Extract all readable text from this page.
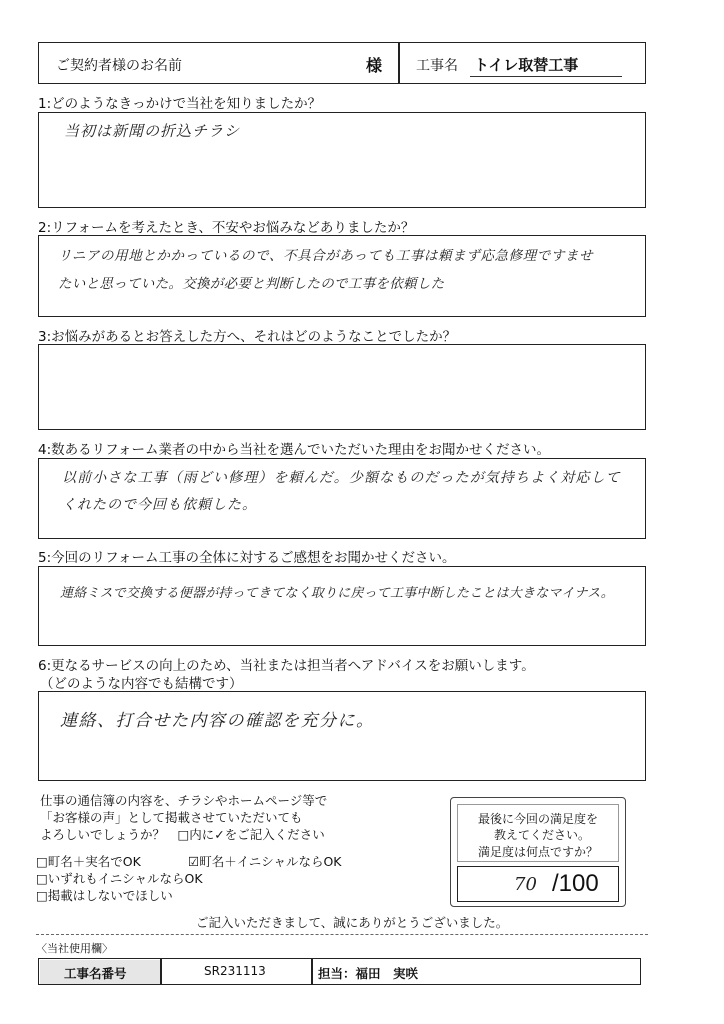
ご契約者様のお名前	様 工事名 トイレ取替工事
1:どのようなきっかけで当社を知りましたか？
当初は新聞の折込チラシ
2:リフォームを考えたとき、不安やお悩みなどありましたか？
リニアの用地とかかっているので、不具合があっても工事は頼まず応急修理ですませ
たいと思っていた。交換が必要と判断したので工事を依頼した
3:お悩みがあるとお答えした方へ、それはどのようなことでしたか？
4:数あるリフォーム業者の中から当社を選んでいただいた理由をお聞かせください。
以前小さな工事（雨どい修理）を頼んだ。少額なものだったが気持ちよく対応して
くれたので今回も依頼した。
5:今回のリフォーム工事の全体に対するご感想をお聞かせください。
連絡ミスで交換する便器が持ってきてなく取りに戻って工事中断したことは大きなマイナス。
6:更なるサービスの向上のため、当社または担当者へアドバイスをお願いします。
（どのような内容でも結構です）
連絡、打合せた内容の確認を充分に。
仕事の通信簿の内容を、チラシやホームページ等で
「お客様の声」として掲載させていただいても
よろしいでしょうか？　□内に✓をご記入ください
□町名＋実名でOK	☑町名＋イニシャルならOK
□いずれもイニシャルならOK
□掲載はしないでほしい
最後に今回の満足度を
教えてください。
満足度は何点ですか？
70 /100
ご記入いただきまして、誠にありがとうございました。
〈当社使用欄〉
工事名番号	SR231113	担当：福田　実咲
